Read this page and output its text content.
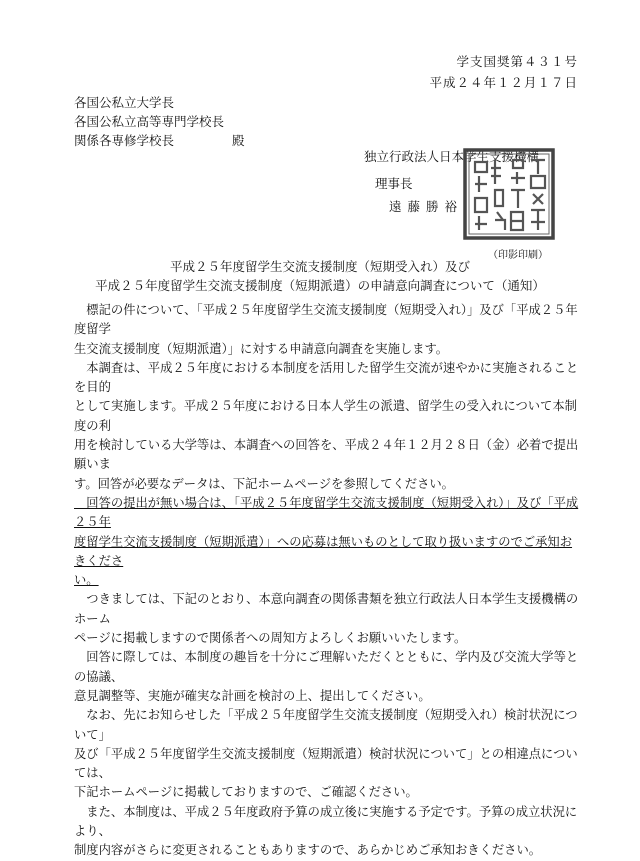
学支国奨第４３１号
平成２４年１２月１７日
各国公私立大学長
各国公私立高等専門学校長
関係各専修学校長	殿
独立行政法人日本学生支援機構
理事長
遠藤勝裕
（印影印刷）
平成２５年度留学生交流支援制度（短期受入れ）及び
平成２５年度留学生交流支援制度（短期派遣）の申請意向調査について（通知）

　標記の件について、「平成２５年度留学生交流支援制度（短期受入れ）」及び「平成２５年度留学
生交流支援制度（短期派遣）」に対する申請意向調査を実施します。

　本調査は、平成２５年度における本制度を活用した留学生交流が速やかに実施されることを目的
として実施します。平成２５年度における日本人学生の派遣、留学生の受入れについて本制度の利
用を検討している大学等は、本調査への回答を、平成２４年１２月２８日（金）必着で提出願いま
す。回答が必要なデータは、下記ホームページを参照してください。

　回答の提出が無い場合は、「平成２５年度留学生交流支援制度（短期受入れ）」及び「平成２５年
度留学生交流支援制度（短期派遣）」への応募は無いものとして取り扱いますのでご承知おきくださ
い。

　つきましては、下記のとおり、本意向調査の関係書類を独立行政法人日本学生支援機構のホーム
ページに掲載しますので関係者への周知方よろしくお願いいたします。

　回答に際しては、本制度の趣旨を十分にご理解いただくとともに、学内及び交流大学等との協議、
意見調整等、実施が確実な計画を検討の上、提出してください。

　なお、先にお知らせした「平成２５年度留学生交流支援制度（短期受入れ）検討状況について」
及び「平成２５年度留学生交流支援制度（短期派遣）検討状況について」との相違点については、
下記ホームページに掲載しておりますので、ご確認ください。

　また、本制度は、平成２５年度政府予算の成立後に実施する予定です。予算の成立状況により、
制度内容がさらに変更されることもありますので、あらかじめご承知おきください。
